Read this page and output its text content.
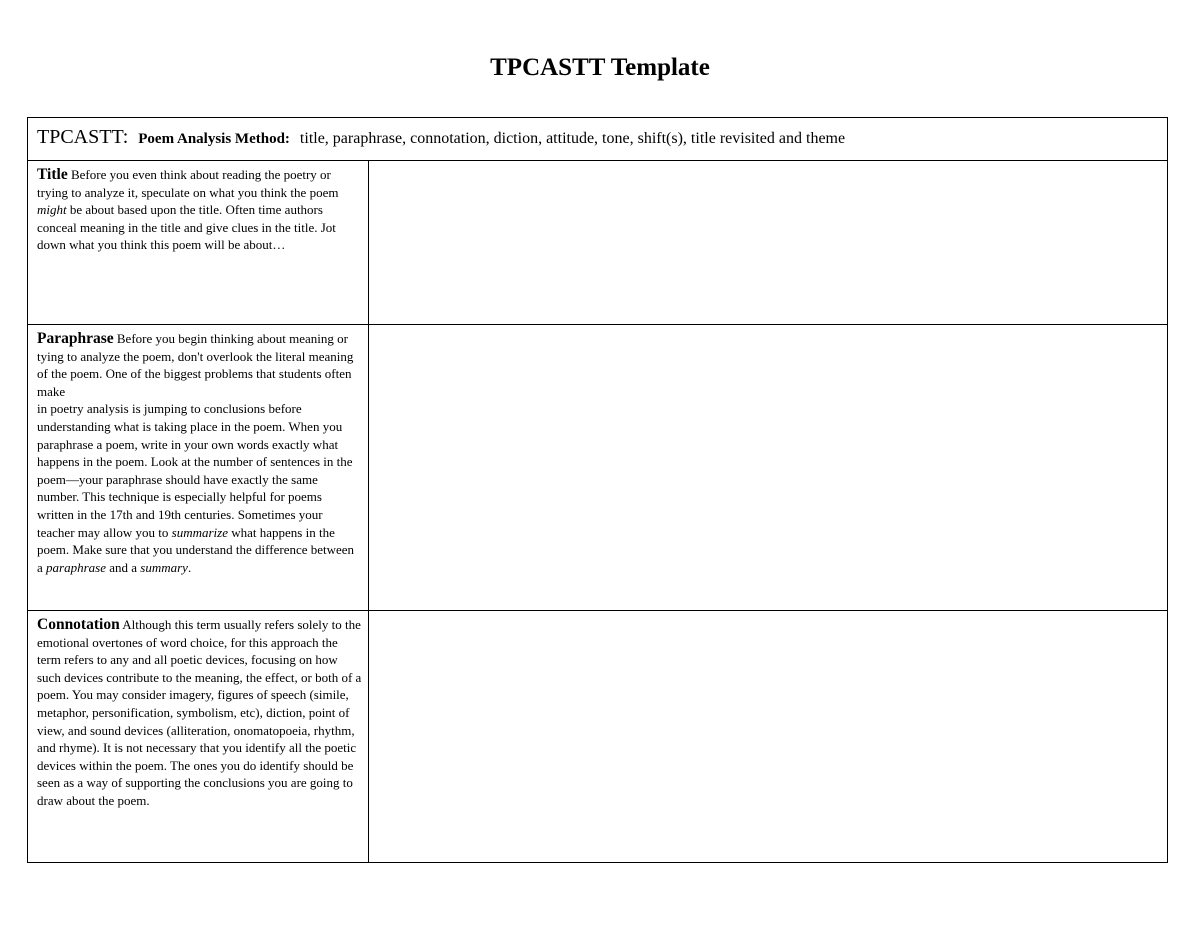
TPCASTT Template
TPCASTT: Poem Analysis Method: title, paraphrase, connotation, diction, attitude, tone, shift(s), title revisited and theme

Title Before you even think about reading the poetry or trying to analyze it, speculate on what you think the poem might be about based upon the title. Often time authors conceal meaning in the title and give clues in the title. Jot down what you think this poem will be about…

Paraphrase Before you begin thinking about meaning or tying to analyze the poem, don't overlook the literal meaning of the poem. One of the biggest problems that students often make

in poetry analysis is jumping to conclusions before understanding what is taking place in the poem. When you paraphrase a poem, write in your own words exactly what happens in the poem. Look at the number of sentences in the poem—your paraphrase should have exactly the same number. This technique is especially helpful for poems written in the 17th and 19th centuries. Sometimes your teacher may allow you to summarize what happens in the poem. Make sure that you understand the difference between a paraphrase and a summary.

Connotation Although this term usually refers solely to the emotional overtones of word choice, for this approach the term refers to any and all poetic devices, focusing on how such devices contribute to the meaning, the effect, or both of a poem. You may consider imagery, figures of speech (simile, metaphor, personification, symbolism, etc), diction, point of view, and sound devices (alliteration, onomatopoeia, rhythm, and rhyme). It is not necessary that you identify all the poetic devices within the poem. The ones you do identify should be seen as a way of supporting the conclusions you are going to draw about the poem.
